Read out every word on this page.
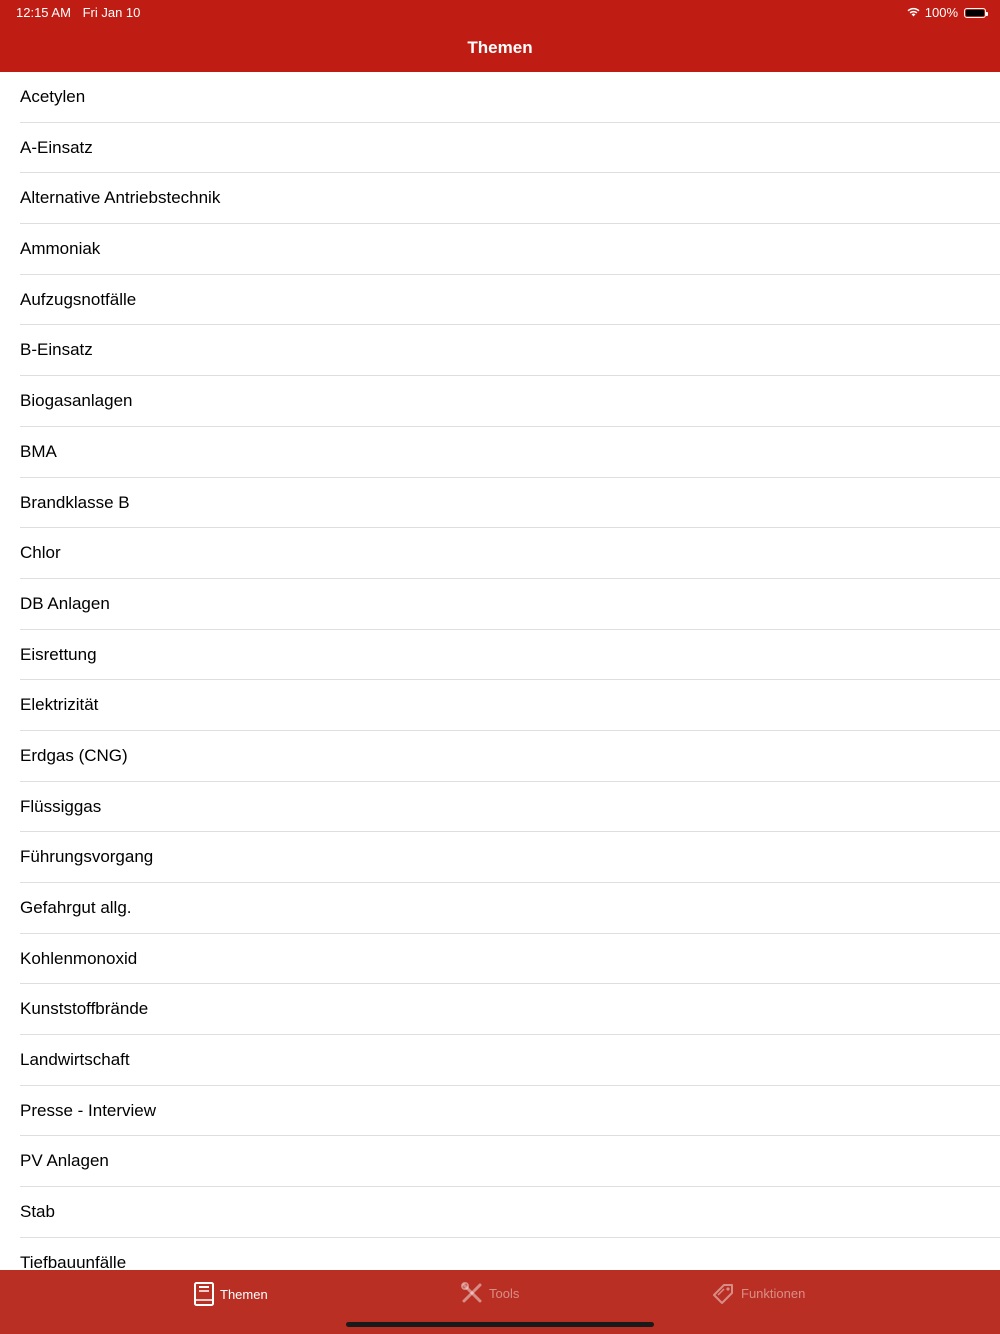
12:15 AM Fri Jan 10	100%
Themen
Acetylen
A-Einsatz
Alternative Antriebstechnik
Ammoniak
Aufzugsnotfälle
B-Einsatz
Biogasanlagen
BMA
Brandklasse B
Chlor
DB Anlagen
Eisrettung
Elektrizität
Erdgas (CNG)
Flüssiggas
Führungsvorgang
Gefahrgut allg.
Kohlenmonoxid
Kunststoffbrände
Landwirtschaft
Presse - Interview
PV Anlagen
Stab
Tiefbauunfälle
Themen	Tools	Funktionen
